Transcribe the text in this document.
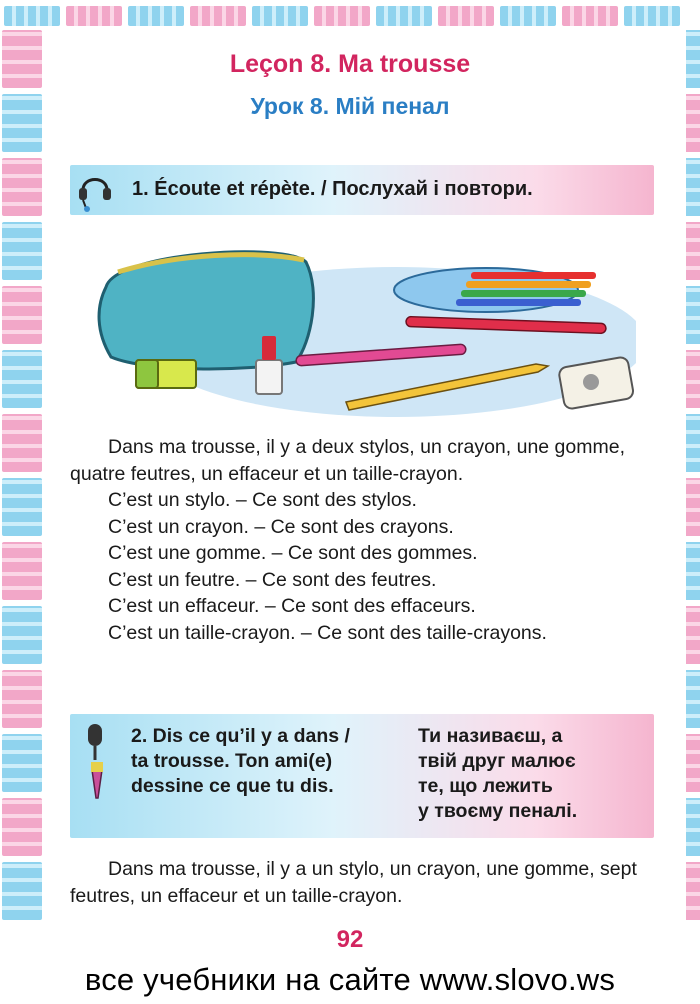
Leçon 8. Ma trousse
Урок 8. Мій пенал
1. Écoute et répète. / Послухай і повтори.
Dans ma trousse, il y a deux stylos, un crayon, une gomme, quatre feutres, un effaceur et un taille-crayon.
C’est un stylo. – Ce sont des stylos.
C’est un crayon. – Ce sont des crayons.
C’est une gomme. – Ce sont des gommes.
C’est un feutre. – Ce sont des feutres.
C’est un effaceur. – Ce sont des effaceurs.
C’est un taille-crayon. – Ce sont des taille-crayons.
2. Dis ce qu’il y a dans /
ta trousse. Ton ami(e)
dessine ce que tu dis.
Ти називаєш, а
твій друг малює
те, що лежить
у твоєму пеналі.
Dans ma trousse, il y a un stylo, un crayon, une gomme, sept feutres, un effaceur et un taille-crayon.
92
все учебники на сайте www.slovo.ws
